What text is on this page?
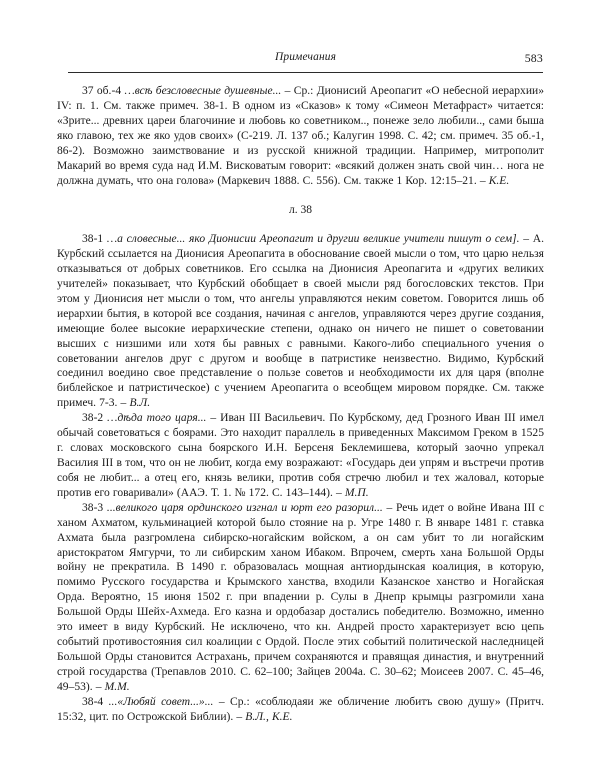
Примечания	583

37 об.-4 …всѣ безсловесные душевные... – Ср.: Дионисий Ареопагит «О небесной иерархии» IV: п. 1. См. также примеч. 38-1. В одном из «Сказов» к тому «Симеон Метафраст» читается: «Зрите... древних цареи благочиние и любовь ко советником.., понеже зело любили.., сами быша яко главою, тех же яко удов своих» (С-219. Л. 137 об.; Калугин 1998. С. 42; см. примеч. 35 об.-1, 86-2). Возможно заимствование и из русской книжной традиции. Например, митрополит Макарий во время суда над И.М. Висковатым говорит: «всякий должен знать свой чин… нога не должна думать, что она голова» (Маркевич 1888. С. 556). См. также 1 Кор. 12:15–21. – К.Е.

л. 38

38-1 …а словесные... яко Дионисии Ареопагит и другии великие учители пишут о сем]. – А. Курбский ссылается на Дионисия Ареопагита в обоснование своей мысли о том, что царю нельзя отказываться от добрых советников. Его ссылка на Дионисия Ареопагита и «других великих учителей» показывает, что Курбский обобщает в своей мысли ряд богословских текстов. При этом у Дионисия нет мысли о том, что ангелы управляются неким советом. Говорится лишь об иерархии бытия, в которой все создания, начиная с ангелов, управляются через другие создания, имеющие более высокие иерархические степени, однако он ничего не пишет о советовании высших с низшими или хотя бы равных с равными. Какого-либо специального учения о советовании ангелов друг с другом и вообще в патристике неизвестно. Видимо, Курбский соединил воедино свое представление о пользе советов и необходимости их для царя (вполне библейское и патристическое) с учением Ареопагита о всеобщем мировом порядке. См. также примеч. 7-3. – В.Л.

38-2 …дѣда того царя... – Иван III Васильевич. По Курбскому, дед Грозного Иван III имел обычай советоваться с боярами. Это находит параллель в приведенных Максимом Греком в 1525 г. словах московского сына боярского И.Н. Берсеня Беклемишева, который заочно упрекал Василия III в том, что он не любит, когда ему возражают: «Государь деи упрям и въстречи против собя не любит... а отец его, князь велики, против собя стречю любил и тех жаловал, которые против его говаривали» (ААЭ. Т. 1. № 172. С. 143–144). – М.П.

38-3 ...великого царя ординского изгнал и юрт его разорил... – Речь идет о войне Ивана III с ханом Ахматом, кульминацией которой было стояние на р. Угре 1480 г. В январе 1481 г. ставка Ахмата была разгромлена сибирско-ногайским войском, а он сам убит то ли ногайским аристократом Ямгурчи, то ли сибирским ханом Ибаком. Впрочем, смерть хана Большой Орды войну не прекратила. В 1490 г. образовалась мощная антиордынская коалиция, в которую, помимо Русского государства и Крымского ханства, входили Казанское ханство и Ногайская Орда. Вероятно, 15 июня 1502 г. при впадении р. Сулы в Днепр крымцы разгромили хана Большой Орды Шейх-Ахмеда. Его казна и ордобазар достались победителю. Возможно, именно это имеет в виду Курбский. Не исключено, что кн. Андрей просто характеризует всю цепь событий противостояния сил коалиции с Ордой. После этих событий политической наследницей Большой Орды становится Астрахань, причем сохраняются и правящая династия, и внутренний строй государства (Трепавлов 2010. С. 62–100; Зайцев 2004а. С. 30–62; Моисеев 2007. С. 45–46, 49–53). – М.М.

38-4 ...«Любяй совет...»... – Ср.: «соблюдаяи же обличение любитъ свою душу» (Притч. 15:32, цит. по Острожской Библии). – В.Л., К.Е.
